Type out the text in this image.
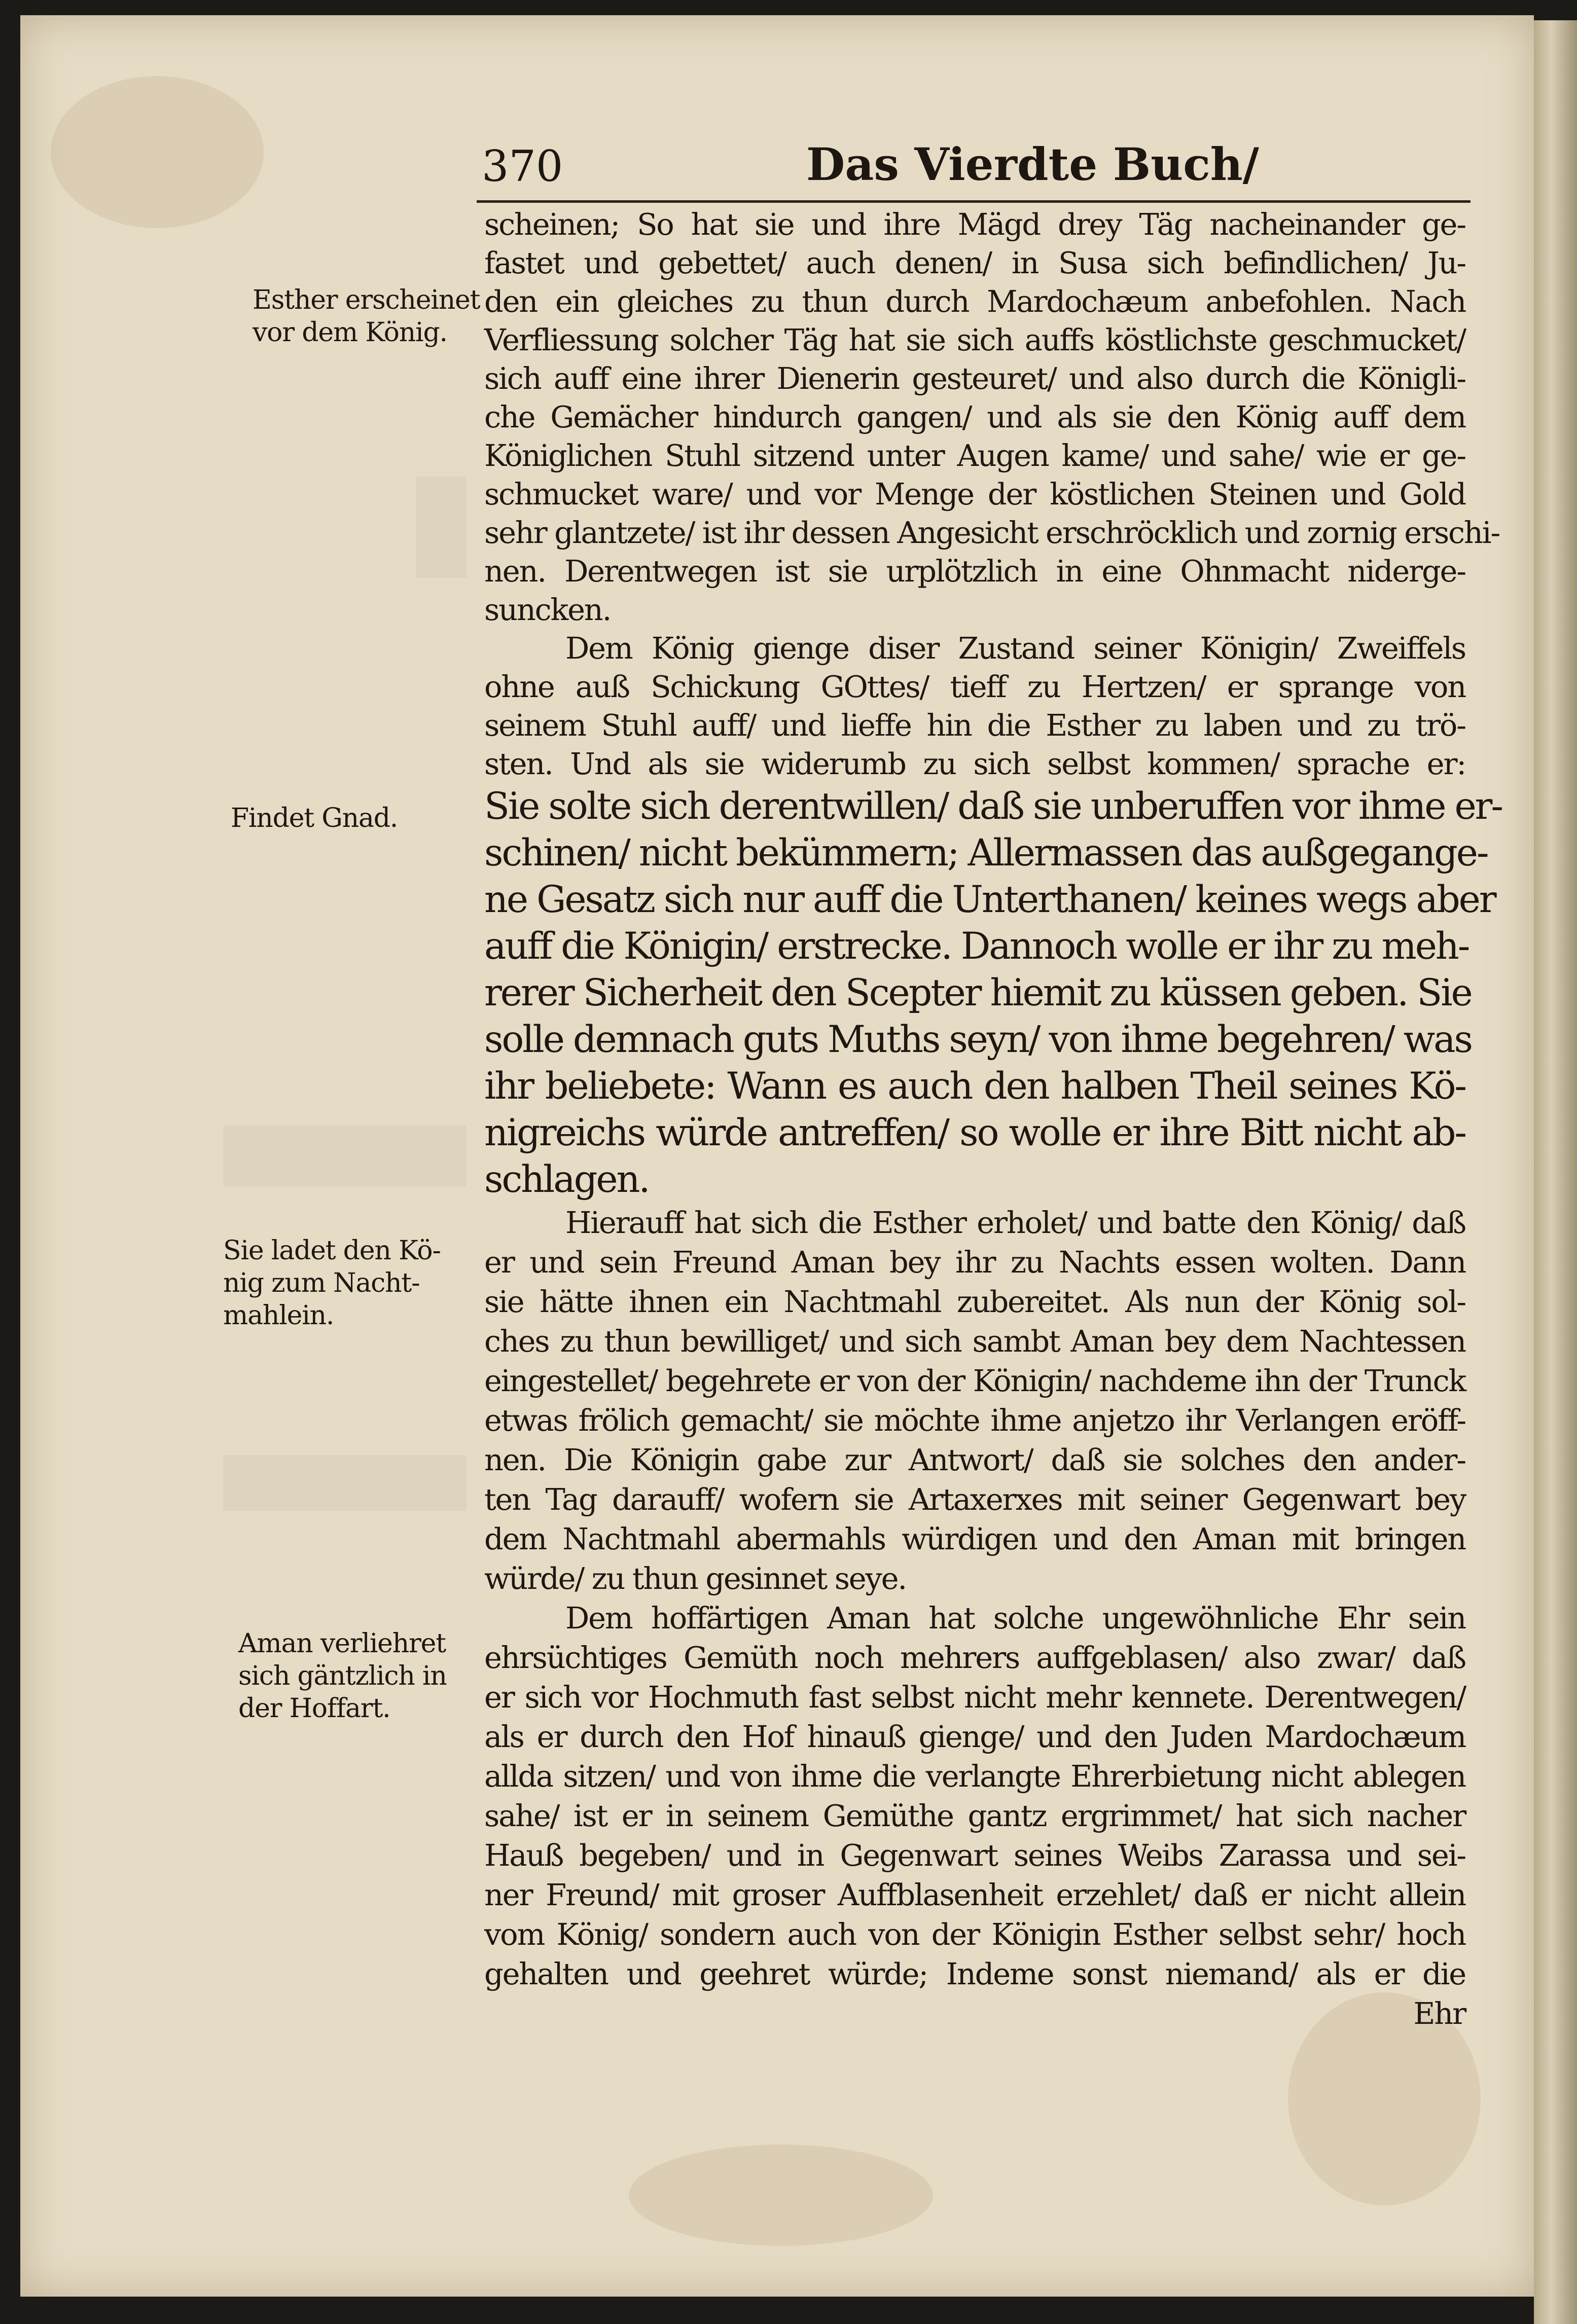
370	Das Vierdte Buch/
Esther erscheinet
vor dem König.
Findet Gnad.
Sie ladet den Kö-
nig zum Nacht-
mahlein.
Aman verliehret
sich gäntzlich in
der Hoffart.
scheinen; So hat sie und ihre Mägd drey Täg nacheinander ge-
fastet und gebettet/ auch denen/ in Susa sich befindlichen/ Ju-
den ein gleiches zu thun durch Mardochæum anbefohlen. Nach
Verfliessung solcher Täg hat sie sich auffs köstlichste geschmucket/
sich auff eine ihrer Dienerin gesteuret/ und also durch die Königli-
che Gemächer hindurch gangen/ und als sie den König auff dem
Königlichen Stuhl sitzend unter Augen kame/ und sahe/ wie er ge-
schmucket ware/ und vor Menge der köstlichen Steinen und Gold
sehr glantzete/ ist ihr dessen Angesicht erschröcklich und zornig erschi-
nen. Derentwegen ist sie urplötzlich in eine Ohnmacht niderge-
suncken.
Dem König gienge diser Zustand seiner Königin/ Zweiffels
ohne auß Schickung GOttes/ tieff zu Hertzen/ er sprange von
seinem Stuhl auff/ und lieffe hin die Esther zu laben und zu trö-
sten. Und als sie widerumb zu sich selbst kommen/ sprache er:
Sie solte sich derentwillen/ daß sie unberuffen vor ihme er-
schinen/ nicht bekümmern; Allermassen das außgegange-
ne Gesatz sich nur auff die Unterthanen/ keines wegs aber
auff die Königin/ erstrecke. Dannoch wolle er ihr zu meh-
rerer Sicherheit den Scepter hiemit zu küssen geben. Sie
solle demnach guts Muths seyn/ von ihme begehren/ was
ihr beliebete: Wann es auch den halben Theil seines Kö-
nigreichs würde antreffen/ so wolle er ihre Bitt nicht ab-
schlagen.
Hierauff hat sich die Esther erholet/ und batte den König/ daß
er und sein Freund Aman bey ihr zu Nachts essen wolten. Dann
sie hätte ihnen ein Nachtmahl zubereitet. Als nun der König sol-
ches zu thun bewilliget/ und sich sambt Aman bey dem Nachtessen
eingestellet/ begehrete er von der Königin/ nachdeme ihn der Trunck
etwas frölich gemacht/ sie möchte ihme anjetzo ihr Verlangen eröff-
nen. Die Königin gabe zur Antwort/ daß sie solches den ander-
ten Tag darauff/ wofern sie Artaxerxes mit seiner Gegenwart bey
dem Nachtmahl abermahls würdigen und den Aman mit bringen
würde/ zu thun gesinnet seye.
Dem hoffärtigen Aman hat solche ungewöhnliche Ehr sein
ehrsüchtiges Gemüth noch mehrers auffgeblasen/ also zwar/ daß
er sich vor Hochmuth fast selbst nicht mehr kennete. Derentwegen/
als er durch den Hof hinauß gienge/ und den Juden Mardochæum
allda sitzen/ und von ihme die verlangte Ehrerbietung nicht ablegen
sahe/ ist er in seinem Gemüthe gantz ergrimmet/ hat sich nacher
Hauß begeben/ und in Gegenwart seines Weibs Zarassa und sei-
ner Freund/ mit groser Auffblasenheit erzehlet/ daß er nicht allein
vom König/ sondern auch von der Königin Esther selbst sehr/ hoch
gehalten und geehret würde; Indeme sonst niemand/ als er die
Ehr
